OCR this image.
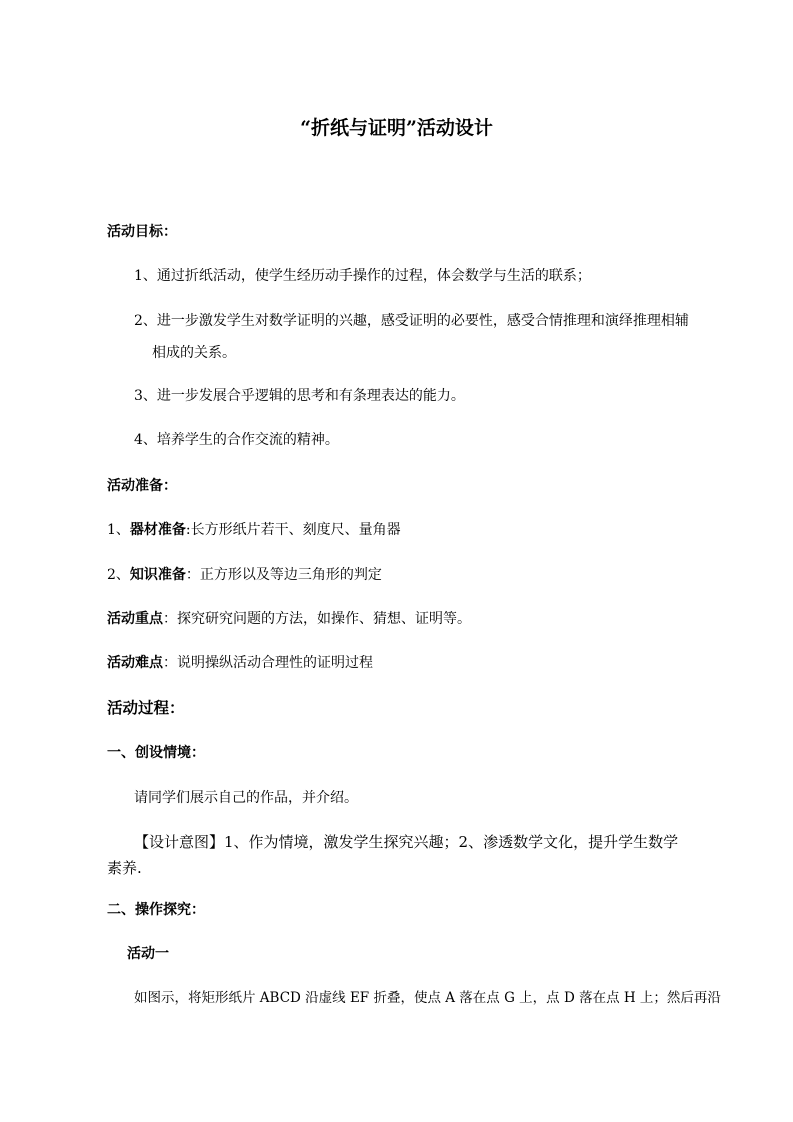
“折纸与证明”活动设计
活动目标：
1、通过折纸活动，使学生经历动手操作的过程，体会数学与生活的联系；
2、进一步激发学生对数学证明的兴趣，感受证明的必要性，感受合情推理和演绎推理相辅
相成的关系。
3、进一步发展合乎逻辑的思考和有条理表达的能力。
4、培养学生的合作交流的精神。
活动准备：
1、器材准备:长方形纸片若干、刻度尺、量角器
2、知识准备：正方形以及等边三角形的判定
活动重点：探究研究问题的方法，如操作、猜想、证明等。
活动难点：说明操纵活动合理性的证明过程
活动过程：
一、创设情境：
请同学们展示自己的作品，并介绍。
【设计意图】1、作为情境，激发学生探究兴趣；2、渗透数学文化，提升学生数学
素养.
二、操作探究：
活动一
如图示，将矩形纸片 ABCD 沿虚线 EF 折叠，使点 A 落在点 G 上，点 D 落在点 H 上；然后再沿
